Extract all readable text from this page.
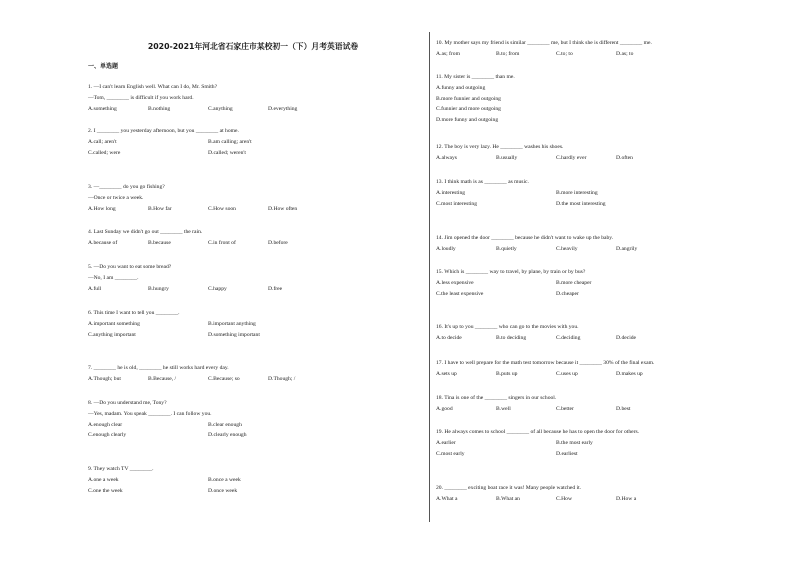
2020-2021年河北省石家庄市某校初一（下）月考英语试卷
一、单选题
1. —I can't learn English well. What can I do, Mr. Smith?
—Tom, ________ is difficult if you work hard.
A.something	B.nothing	C.anything	D.everything
2. I ________ you yesterday afternoon, but you ________ at home.
A.call; aren't	B.am calling; aren't
C.called; were	D.called; weren't
3. —________ do you go fishing?
—Once or twice a week.
A.How long	B.How far	C.How soon	D.How often
4. Last Sunday we didn't go out ________ the rain.
A.because of	B.because	C.in front of	D.before
5. —Do you want to eat some bread?
—No, I am ________.
A.full	B.hungry	C.happy	D.free
6. This time I want to tell you ________.
A.important something	B.important anything
C.anything important	D.something important
7. ________ he is old, ________ he still works hard every day.
A.Though; but	B.Because, /	C.Because; so	D.Though; /
8. —Do you understand me, Tony?
—Yes, madam. You speak ________. I can follow you.
A.enough clear	B.clear enough
C.enough clearly	D.clearly enough
9. They watch TV ________.
A.one a week	B.once a week
C.one the week	D.once week
10. My mother says my friend is similar ________ me, but I think she is different ________ me.
A.as; from	B.to; from	C.to; to	D.as; to
11. My sister is ________ than me.
A.funny and outgoing
B.more funnier and outgoing
C.funnier and more outgoing
D.more funny and outgoing
12. The boy is very lazy. He ________ washes his shoes.
A.always	B.usually	C.hardly ever	D.often
13. I think math is as ________ as music.
A.interesting	B.more interesting
C.most interesting	D.the most interesting
14. Jim opened the door ________ because he didn't want to wake up the baby.
A.loudly	B.quietly	C.heavily	D.angrily
15. Which is ________ way to travel, by plane, by train or by bus?
A.less expensive	B.more cheaper
C.the least expensive	D.cheaper
16. It's up to you ________ who can go to the movies with you.
A.to decide	B.to deciding	C.deciding	D.decide
17. I have to well prepare for the math test tomorrow because it ________ 30% of the final exam.
A.sets up	B.puts up	C.uses up	D.makes up
18. Tina is one of the ________ singers in our school.
A.good	B.well	C.better	D.best
19. He always comes to school ________ of all because he has to open the door for others.
A.earlier	B.the most early
C.most early	D.earliest
20. ________ exciting boat race it was! Many people watched it.
A.What a	B.What an	C.How	D.How a
